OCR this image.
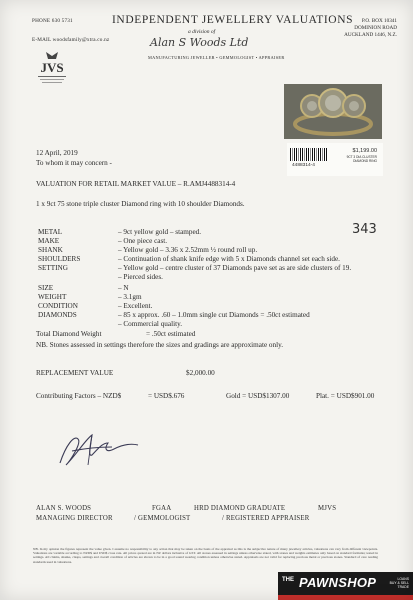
PHONE 630 5731
E-MAIL woodsfamily@xtra.co.nz
JVS
INDEPENDENT JEWELLERY VALUATIONS
a division of
Alan S Woods Ltd
MANUFACTURING JEWELLER • GEMMOLOGIST • APPRAISER
P.O. BOX 10341
DOMINION ROAD
AUCKLAND 1446, N.Z.
4488314-4
$1,199.00
9CT 3 DIA CLUSTER
DIAMOND RING
12 April, 2019
To whom it may concern -
VALUATION FOR RETAIL MARKET VALUE – R.AMJ4488314-4
1 x 9ct 75 stone triple cluster Diamond ring with 10 shoulder Diamonds.
343
METAL	– 9ct yellow gold – stamped.
MAKE	– One piece cast.
SHANK	– Yellow gold – 3.36 x 2.52mm ½ round roll up.
SHOULDERS	– Continuation of shank knife edge with 5 x Diamonds channel set each side.
SETTING	– Yellow gold – centre cluster of 37 Diamonds pave set as are side clusters of 19.
– Pierced sides.
SIZE	– N
WEIGHT	– 3.1gm
CONDITION	– Excellent.
DIAMONDS	– 85 x approx. .60 – 1.0mm single cut Diamonds = .50ct estimated
– Commercial quality.
Total Diamond Weight	= .50ct estimated
NB. Stones assessed in settings therefore the sizes and gradings are approximate only.
REPLACEMENT VALUE	$2,000.00
Contributing Factors – NZD$	= USD$.676	Gold = USD$1307.00	Plat. = USD$901.00
ALAN S. WOODS	FGAA	HRD DIAMOND GRADUATE	MJVS
MANAGING DIRECTOR	/ GEMMOLOGIST	/ REGISTERED APPRAISER
NB. In my opinion the figures represent the value given. I assume no responsibility to any action that may be taken on the basis of the appraisal as this is the subjective nature of many jewellery articles, valuations can vary from different viewpoints. Valuations are variable according to NZD$ and USD$ cross rate. All prices quoted are in NZ dollars inclusive of GST. All stones assessed in settings unless otherwise stated, with stones and weights estimates only based on standard formulas; tested in settings. All claims, shanks, clasps, settings and overall condition of articles are shown to be in a good sound wearing condition unless otherwise stated. Appraisals are not valid for replacing precious metal or precious stones. Standard of care reading standards used in valuations.
THE PAWNSHOP	LOANS
BUY & SELL
TRADE
